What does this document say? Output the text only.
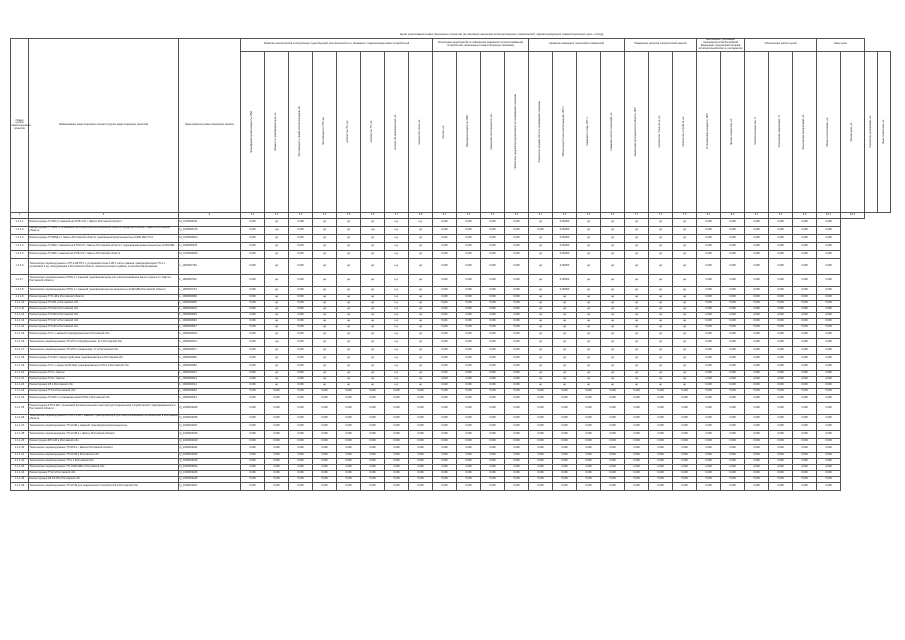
Цели реализации инвестиционных проектов (в описании значения количественных показателей, характеризующих инвестиционную цель, шт/ед)
Номер группы инвестиционных проектов	Наименование инвестиционного проекта (группы инвестиционных проектов)	Идентификатор инвестиционного проекта	Развитие электрической сети/усиление существующей электрической сети, связанное с подключением новых потребителей								Исполнение мероприятий по повышению надежности электроснабжения потребителей, включенных в инвестиционную программу				Снижение изменения технических показателей				Повышение качества электрической энергии			Выполнение требований законодательства Российской Федерации, предписаний органов исполнительной власти, регламентов		Обеспечение прочих целей			Иные цели			

			Трансформаторная мощность, МВА	Мощность трансформаторов, шт.	Протяженность линий электропередачи, км	Протяженность ЛЭП, км	Количество ПС, шт.	Количество ТП, шт.	Количество выключателей, шт.	Количество ячеек, шт.	Прочее, шт.	Изменение мощности, МВА	Изменение протяженности, км	Показатель средней продолжительности прекращения передачи	Показатель средней частоты прекращения передачи	Объем недоотпуска электроэнергии, МВт·ч	Снижение потерь, МВт·ч	Снижение числа отключений, шт.	Увеличение пропускной способности, МВт	Количество точек учета, шт.	Количество устройств, шт.	Установленная мощность, МВт	Прочие показатели, шт.	Показатели качества, %	Отклонение напряжения, %	Выполнение предписаний, шт.	Объекты исполнения, шт.	Прочие цели, шт.	Показатель реализации, шт.	Иные показатели, шт.

1	2	3	4.1	4.2	4.3	4.4	4.5	4.6	4.7	4.8	5.1	5.2	5.3	5.4	6.1	6.2	6.3	6.4	7.1	7.2	7.3	8.1	8.2	9.1	9.2	9.3	10.1	10.2		
1.1.1.1	Реконструкция ТП 904 (с заменой на КТПН 2Х) г. Шахты Ростовской области	М_1000000621	0,000	нд	0,399	нд	нд	нд	н.д.	н.д.	0,022	0,000	0,000	0,000	нд	0,00000	нд	нд	нд	нд	нд	0,000	0,000	0,000	0,000	0,000	0,000			
1.1.1.2	Реконструкция ТП 004П с установкой на общей рабочей кабельной линии в городском поселке г. Шахты Ростовской области	Q_1000000725	0,000	-нд	0,050	нд	нд	-нд	н.д.	нд	0,022	0,000	0,000	0,000	0,000	0,00000	нд	нд	нд	нд	нд	0,000	0,000	0,000	0,000	0,000	0,000			
1.1.1.3	Реконструкция ТП 905Д 2 г. Шахты Ростовской области трансформаторов мощностью 2х250 кВА ТП-2	М_1000000524	0,000	нд	0,000	нд	нд	нд	н.д.	нд	0,021	0,000	0,000	0,000	нд	0,00000	нд	нд	нд	нд	нд	0,000	0,000	0,000	0,000	0,000	0,000			
1.1.1.4	Реконструкция ТП-802 с заменой на КТПН 2Х г. Шахты Ростовской области с трансформаторами мощностью 2х400 кВА	Н_1000000976	0,000	нд	0,003	нд	нд	нд	н.д.	нд	0,025	0,000	0,000	0,000	нд	0,00000	нд	нд	нд	нд	нд	0,000	0,000	0,000	0,000	0,000	0,000			
1.1.1.5	Реконструкция ТП 989 с заменой на КТПН 2Х г. Шахты Ростовской области	М_1000000525	0,000	нд	0,000	нд	нд	нд	н.д.	нд	0,020	0,000	0,000	0,000	нд	0,00000	нд	нд	нд	нд	нд	0,000	0,000	0,000	0,000	0,000	0,000			
1.1.1.6	Техническое перевооружение и РП-6 кВ РП-1 с установкой ячеек 6 кВ 2 типа и замена трансформаторов ТП-1 с установкой 3 ед. оборудования в Ростовской области, Красносулинского района, в поселке Малокаменка	L_1000007749	0,000	нд	0,000	нд	нд	нд	н.д.	нд	0,000	0,000	0,000	0,000	нд	0,00000	нд	нд	нд	нд	нд	0,000	0,000	0,000	0,000	0,000	0,000			
1.1.1.7	Техническое перевооружение КТПН 2 с заменой трансформаторов для электроснабжения жилого дома 2 в г. Шахты Ростовской области	L_1000007612	0,000	нд	0,000	нд	нд	нд	н.д.	нд	0,020	0,000	0,000	0,000	нд	0,00000	нд	нд	нд	нд	нд	0,000	0,000	0,000	0,000	0,000	0,000			
1.1.1.8	Техническое перевооружение КТПН 1 с заменой трансформатора на мощностью 2х400 кВА Ростовской области	L_1000007613	0,000	нд	0,000	нд	нд	нд	н.д.	нд	0,020	0,000	0,000	0,000	нд	0,00000	нд	нд	нд	нд	нд	0,000	0,000	0,000	0,000	0,000	0,000			
1.1.1.9	Реконструкция ТП 1 кВ в Ростовской области	L_1000009000	0,000	нд	0,000	нд	нд	нд	н.д.	нд	0,000	0,000	0,000	0,000	нд	нд	нд	нд	нд	нд	нд	0,000	0,000	0,000	0,000	0,000	0,000			
1.1.1.10	Реконструкция ТП-201 в Ростовской обл.	L_1000003046	0,000	нд	0,000	нд	нд	нд	н.д.	нд	0,022	0,000	0,000	0,000	нд	нд	нд	нд	нд	нд	нд	0,000	0,000	0,000	0,000	0,000	0,000			
1.1.1.11	Реконструкция ТП-210 в Ростовской обл.	L_1000003015	0,000	нд	0,000	нд	нд	нд	н.д.	нд	0,022	0,000	0,000	0,000	нд	нд	нд	нд	нд	нд	нд	0,000	0,000	0,000	0,000	0,000	0,000			
1.1.1.12	Реконструкция ТП-100 в Ростовской обл.	L_1000003045	0,000	нд	0,000	нд	нд	нд	н.д.	нд	0,021	0,000	0,000	0,000	нд	нд	нд	нд	нд	нд	нд	0,000	0,000	0,000	0,000	0,000	0,000			
1.1.1.13	Реконструкция ТП-317 в Ростовской обл.	L_1000003016	0,000	нд	0,000	нд	нд	нд	н.д.	нд	0,021	0,000	0,000	0,000	нд	нд	нд	нд	нд	нд	нд	0,000	0,000	0,000	0,000	0,000	0,000			
1.1.1.14	Реконструкция ТП-123 в Ростовской обл.	L_1000003017	0,000	нд	0,000	нд	нд	нд	н.д.	нд	0,020	0,000	0,000	0,000	нд	нд	нд	нд	нд	нд	нд	0,000	0,000	0,000	0,000	0,000	0,000			
1.1.1.15	Реконструкция ТП-1 с заменой трансформатора в Ростовской обл.	L_1000003004	0,000	нд	0,000	нд	нд	нд	н.д.	нд	0,020	0,000	0,000	0,000	нд	нд	нд	нд	нд	нд	нд	0,000	0,000	0,000	0,000	0,000	0,000			
1.1.1.16	Техническое перевооружение ТП-179 по Профсоюзная, 11 в Ростовской обл.	L_1000003001	0,000	-нд	0,000	нд	нд	нд	н.д.	нд	0,020	0,000	0,000	0,000	нд	нд	нд	нд	нд	нд	нд	0,000	0,000	0,000	0,000	0,000	0,000			
1.1.1.17	Техническое перевооружение ТП-178 по Некрасова, 17 в Ростовской обл.	L_1000003071	0,000	нд	0,000	нд	нд	нд	н.д.	нд	0,000	0,000	0,000	0,000	нд	нд	нд	нд	нд	нд	нд	0,000	0,000	0,000	0,000	0,000	0,000			
1.1.1.18	Реконструкция ТП-313 с переустройством трансформатора в Ростовской обл.	L_1000003062	0,000	нд	0,000	нд	нд	нд	н.д.	нд	0,000	0,000	0,000	0,000	нд	нд	нд	нд	нд	нд	нд	0,000	0,000	0,000	0,000	0,000	0,000			
1.1.1.19	Реконструкция ТП-1 с переустройством трансформатора в РП-2 в Ростовской обл.	L_1000003052	0,000	нд	0,000	нд	нд	нд	н.д.	нд	0,000	0,000	0,000	0,000	нд	нд	нд	нд	нд	нд	нд	0,000	0,000	0,000	0,000	0,000	0,000			
1.1.1.20	Реконструкция ТП-1 г. Шахты	L_1000003012	0,000	нд	0,000	нд	нд	нд	н.д.	нд	0,020	0,000	0,000	0,000	нд	нд	нд	нд	нд	нд	нд	0,000	0,000	0,000	0,000	0,000	0,000			
1.1.1.21	Реконструкция ТП-2 г. Шахты	L_1000003013	0,000	нд	0,000	нд	нд	нд	н.д.	нд	0,020	0,000	0,000	0,000	нд	нд	нд	нд	нд	нд	нд	0,000	0,000	0,000	0,000	0,000	0,000			
1.1.1.22	Реконструкция КЛ в Ростовской обл.	L_1000003014	0,000	нд	0,000	нд	нд	нд	н.д.	нд	0,020	0,000	0,000	0,000	нд	нд	нд	нд	нд	нд	нд	0,000	0,000	0,000	0,000	0,000	0,000			
1.1.1.23	Реконструкция ТП-4 в Ростовской обл.	L_1000003043	0,000	0,000	0,000	0,000	0,000	0,000	0,000	0,000	0,000	0,000	0,000	0,000	0,000	0,000	0,000	0,000	0,000	0,000	0,000	0,000	0,000	0,000	0,000	0,000	0,000			
1.1.1.24	Реконструкция ТП-300 с установкой новой КТПН в Ростовской обл.	L_1000003044	0,000	0,000	0,000	0,000	0,000	0,000	0,000	0,000	0,000	0,000	0,000	0,000	0,000	0,000	0,000	0,000	0,000	0,000	0,000	0,000	0,000	0,000	0,000	0,000	0,000			
1.1.1.25	Реконструкция КТП-6 кВ с установкой вспомогательной и местной для подключения потребителей и трансформаторов в Ростовской области	Q_1000003046	0,000	0,000	0,000	0,000	0,000	0,000	0,000	0,000	0,000	0,000	0,000	0,000	0,000	0,000	0,000	0,000	0,000	0,000	0,000	0,000	0,000	0,000	0,000	0,000	0,000			
1.1.1.26	Техническое перевооружение КТПН 0,4 кВ с заменой трансформатора для электроснабжения потребителей в Ростовской области	Q_1000003035	0,000	0,000	0,000	0,000	0,000	0,000	0,000	0,000	0,000	0,000	0,000	0,000	0,000	0,000	0,000	0,000	0,000	0,000	0,000	0,000	0,000	0,000	0,000	0,000	0,000			
1.1.1.27	Техническое перевооружение ТП-10 кВ с заменой трансформаторов мощностью	Q_1000003037	0,000	0,000	0,000	0,000	0,000	0,000	0,000	0,000	0,000	0,000	0,000	0,000	0,000	0,000	0,000	0,000	0,000	0,000	0,000	0,000	0,000	0,000	0,000	0,000	0,000			
1.1.1.28	Техническое перевооружение ТП-10 кВ в г. Шахты Ростовской области	Q_1000003039	0,000	0,000	0,000	0,000	0,000	0,000	0,000	0,000	0,000	0,000	0,000	0,000	0,000	0,000	0,000	0,000	0,000	0,000	0,000	0,000	0,000	0,000	0,000	0,000	0,000			
1.1.1.29	Реконструкция ВЛ 6 кВ в Ростовской обл.	Q_1000003040	0,000	0,000	0,000	0,000	0,000	0,000	0,000	0,000	0,000	0,000	0,000	0,000	0,000	0,000	0,000	0,000	0,000	0,000	0,000	0,000	0,000	0,000	0,000	0,000	0,000			
1.1.1.30	Техническое перевооружение ТП-601 в г. Шахты Ростовской области	Q_1000003041	0,000	0,000	0,000	0,000	0,000	0,000	0,000	0,000	0,000	0,000	0,000	0,000	0,000	0,000	0,000	0,000	0,000	0,000	0,000	0,000	0,000	0,000	0,000	0,000	0,000			
1.1.1.31	Техническое перевооружение ТП-10 кВ в Ростовской обл.	Q_1000003042	0,000	0,000	0,000	0,000	0,000	0,000	0,000	0,000	0,000	0,000	0,000	0,000	0,000	0,000	0,000	0,000	0,000	0,000	0,000	0,000	0,000	0,000	0,000	0,000	0,000			
1.1.1.32	Техническое перевооружение ТП-1 в Ростовской обл.	Q_1000003043	0,000	0,000	0,000	0,000	0,000	0,000	0,000	0,000	0,000	0,000	0,000	0,000	0,000	0,000	0,000	0,000	0,000	0,000	0,000	0,000	0,000	0,000	0,000	0,000	0,000			
1.1.1.33	Техническое перевооружение ТП 1х400 кВА в Ростовской обл.	Q_1000003044	0,000	0,000	0,000	0,000	0,000	0,000	0,000	0,000	0,000	0,000	0,000	0,000	0,000	0,000	0,000	0,000	0,000	0,000	0,000	0,000	0,000	0,000	0,000	0,000	0,000			
1.1.1.34	Реконструкция ТП-2 в Ростовской обл.	Q_1000003045	0,000	0,000	0,000	0,000	0,000	0,000	0,000	0,000	0,000	0,000	0,000	0,000	0,000	0,000	0,000	0,000	0,000	0,000	0,000	0,000	0,000	0,000	0,000	0,000	0,000			
1.1.1.35	Реконструкция КЛ-10 кВ в Ростовской обл.	Q_1000003046	0,000	0,000	0,000	0,000	0,000	0,000	0,000	0,000	0,000	0,000	0,000	0,000	0,000	0,000	0,000	0,000	0,000	0,000	0,000	0,000	0,000	0,000	0,000	0,000	0,000			
1.1.1.36	Техническое перевооружение ТП-10 кВ для подключения потребителей в Ростовской обл.	Q_1000003047	0,000	0,000	0,000	0,000	0,000	0,000	0,000	0,000	0,000	0,000	0,000	0,000	0,000	0,000	0,000	0,000	0,000	0,000	0,000	0,000	0,000	0,000	0,000	0,000	0,000			
